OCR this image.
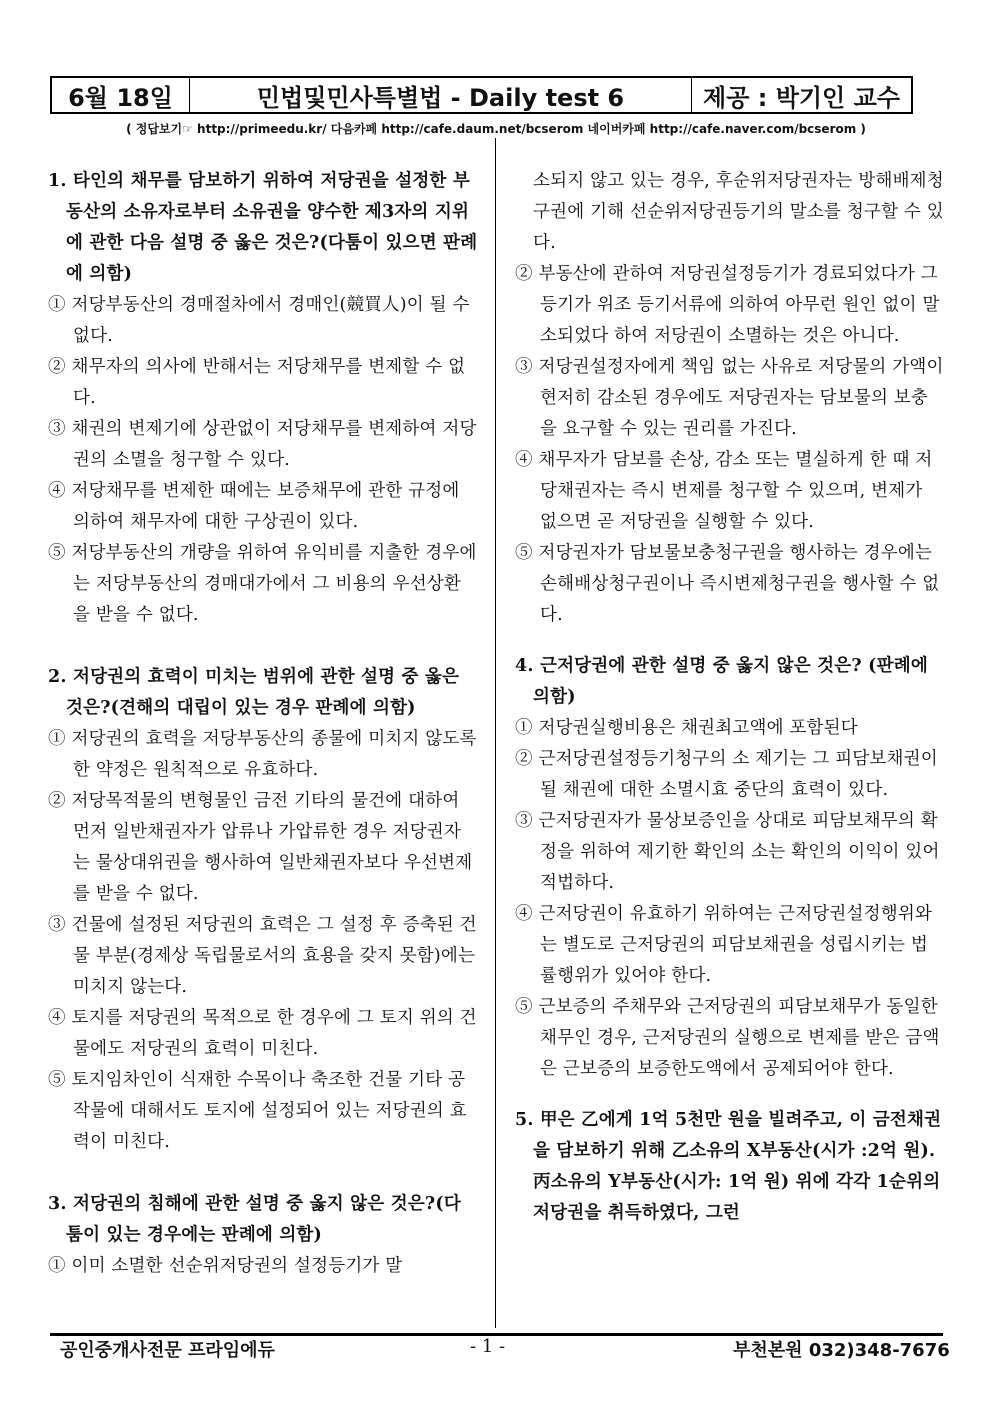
6월 18일	민법및민사특별법 - Daily test 6	제공 : 박기인 교수
( 정답보기☞ http://primeedu.kr/ 다음카페 http://cafe.daum.net/bcserom 네이버카페 http://cafe.naver.com/bcserom )
1. 타인의 채무를 담보하기 위하여 저당권을 설정한 부동산의 소유자로부터 소유권을 양수한 제3자의 지위에 관한 다음 설명 중 옳은 것은?(다툼이 있으면 판례에 의함)
① 저당부동산의 경매절차에서 경매인(競買人)이 될 수 없다.
② 채무자의 의사에 반해서는 저당채무를 변제할 수 없다.
③ 채권의 변제기에 상관없이 저당채무를 변제하여 저당권의 소멸을 청구할 수 있다.
④ 저당채무를 변제한 때에는 보증채무에 관한 규정에 의하여 채무자에 대한 구상권이 있다.
⑤ 저당부동산의 개량을 위하여 유익비를 지출한 경우에는 저당부동산의 경매대가에서 그 비용의 우선상환을 받을 수 없다.
2. 저당권의 효력이 미치는 범위에 관한 설명 중 옳은 것은?(견해의 대립이 있는 경우 판례에 의함)
① 저당권의 효력을 저당부동산의 종물에 미치지 않도록 한 약정은 원칙적으로 유효하다.
② 저당목적물의 변형물인 금전 기타의 물건에 대하여 먼저 일반채권자가 압류나 가압류한 경우 저당권자는 물상대위권을 행사하여 일반채권자보다 우선변제를 받을 수 없다.
③ 건물에 설정된 저당권의 효력은 그 설정 후 증축된 건물 부분(경제상 독립물로서의 효용을 갖지 못함)에는 미치지 않는다.
④ 토지를 저당권의 목적으로 한 경우에 그 토지 위의 건물에도 저당권의 효력이 미친다.
⑤ 토지임차인이 식재한 수목이나 축조한 건물 기타 공작물에 대해서도 토지에 설정되어 있는 저당권의 효력이 미친다.
3. 저당권의 침해에 관한 설명 중 옳지 않은 것은?(다툼이 있는 경우에는 판례에 의함)
① 이미 소멸한 선순위저당권의 설정등기가 말
소되지 않고 있는 경우, 후순위저당권자는 방해배제청구권에 기해 선순위저당권등기의 말소를 청구할 수 있다.
② 부동산에 관하여 저당권설정등기가 경료되었다가 그 등기가 위조 등기서류에 의하여 아무런 원인 없이 말소되었다 하여 저당권이 소멸하는 것은 아니다.
③ 저당권설정자에게 책임 없는 사유로 저당물의 가액이 현저히 감소된 경우에도 저당권자는 담보물의 보충을 요구할 수 있는 권리를 가진다.
④ 채무자가 담보를 손상, 감소 또는 멸실하게 한 때 저당채권자는 즉시 변제를 청구할 수 있으며, 변제가 없으면 곧 저당권을 실행할 수 있다.
⑤ 저당권자가 담보물보충청구권을 행사하는 경우에는 손해배상청구권이나 즉시변제청구권을 행사할 수 없다.
4. 근저당권에 관한 설명 중 옳지 않은 것은? (판례에 의함)
① 저당권실행비용은 채권최고액에 포함된다
② 근저당권설정등기청구의 소 제기는 그 피담보채권이 될 채권에 대한 소멸시효 중단의 효력이 있다.
③ 근저당권자가 물상보증인을 상대로 피담보채무의 확정을 위하여 제기한 확인의 소는 확인의 이익이 있어 적법하다.
④ 근저당권이 유효하기 위하여는 근저당권설정행위와는 별도로 근저당권의 피담보채권을 성립시키는 법률행위가 있어야 한다.
⑤ 근보증의 주채무와 근저당권의 피담보채무가 동일한 채무인 경우, 근저당권의 실행으로 변제를 받은 금액은 근보증의 보증한도액에서 공제되어야 한다.
5. 甲은 乙에게 1억 5천만 원을 빌려주고, 이 금전채권을 담보하기 위해 乙소유의 X부동산(시가 :2억 원). 丙소유의 Y부동산(시가: 1억 원) 위에 각각 1순위의 저당권을 취득하였다, 그런
공인중개사전문 프라임에듀	- 1 -	부천본원 032)348-7676
